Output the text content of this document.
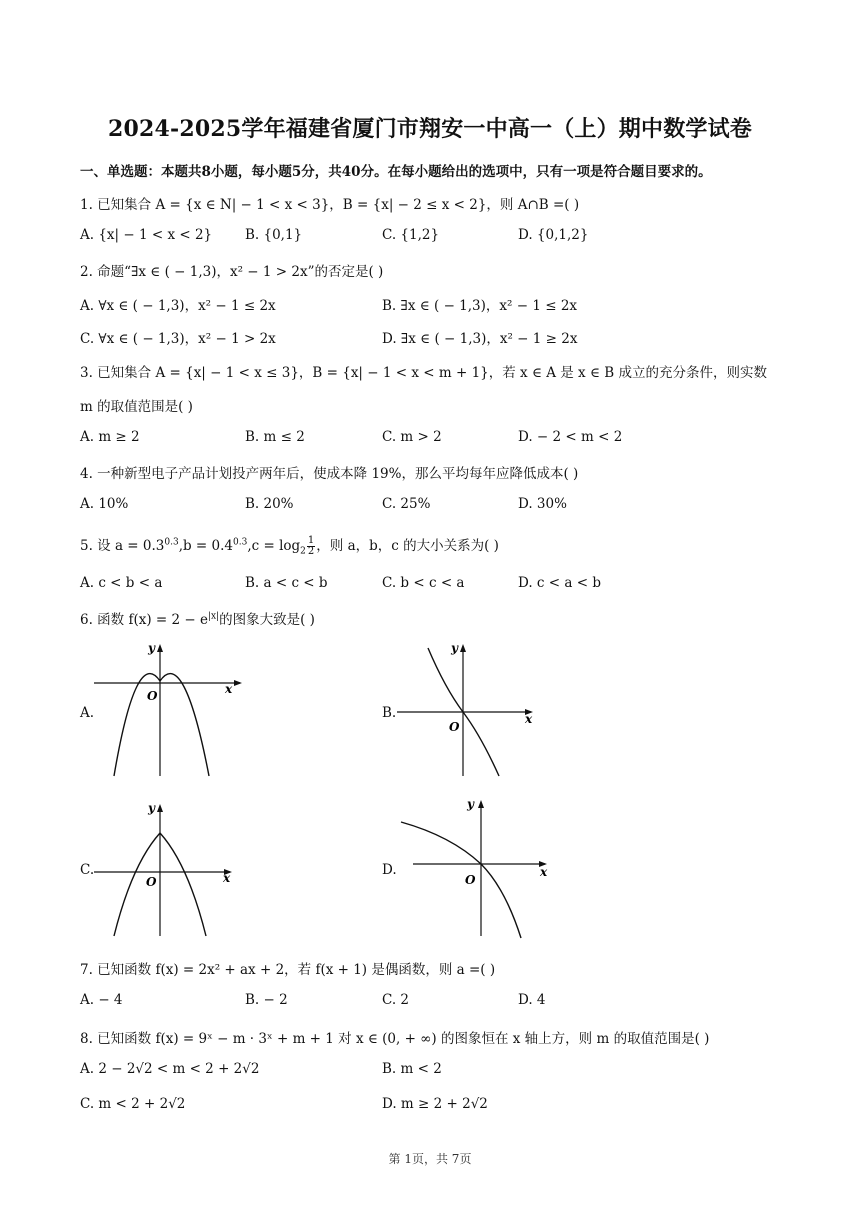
2024-2025学年福建省厦门市翔安一中高一（上）期中数学试卷
一、单选题：本题共8小题，每小题5分，共40分。在每小题给出的选项中，只有一项是符合题目要求的。
1. 已知集合 A = {x ∈ N| − 1 < x < 3}，B = {x| − 2 ≤ x < 2}，则 A∩B =( )
A. {x| − 1 < x < 2} B. {0,1}	C. {1,2}	D. {0,1,2}
2. 命题“∃x ∈ ( − 1,3)，x² − 1 > 2x”的否定是( )
A. ∀x ∈ ( − 1,3)，x² − 1 ≤ 2x	B. ∃x ∈ ( − 1,3)，x² − 1 ≤ 2x
C. ∀x ∈ ( − 1,3)，x² − 1 > 2x	D. ∃x ∈ ( − 1,3)，x² − 1 ≥ 2x
3. 已知集合 A = {x| − 1 < x ≤ 3}，B = {x| − 1 < x < m + 1}，若 x ∈ A 是 x ∈ B 成立的充分条件，则实数
m 的取值范围是( )
A. m ≥ 2	B. m ≤ 2	C. m > 2	D. − 2 < m < 2
4. 一种新型电子产品计划投产两年后，使成本降 19%，那么平均每年应降低成本( )
A. 10%	B. 20%	C. 25%	D. 30%
5. 设 $a = 0.3^{0.3},b = 0.4^{0.3},c = \log_2 \frac{1}{2}$ ，则 a，b，c 的大小关系为( )
A. c < b < a	B. a < c < b	C. b < c < a	D. c < a < b
6. 函数 $f(x) = 2 - e^{|x|}$的图象大致是( )
A.	B.
C.	D.
y
x
O
y
x
O
y
x
O
y
x
O
7. 已知函数 f(x) = 2x² + ax + 2，若 f(x + 1) 是偶函数，则 a =( )
A. − 4	B. − 2	C. 2	D. 4
8. 已知函数 f(x) = 9ˣ − m · 3ˣ + m + 1 对 x ∈ (0, + ∞) 的图象恒在 x 轴上方，则 m 的取值范围是( )
A. 2 − 2√2 < m < 2 + 2√2	B. m < 2
C. m < 2 + 2√2	D. m ≥ 2 + 2√2
第 1页，共 7页
